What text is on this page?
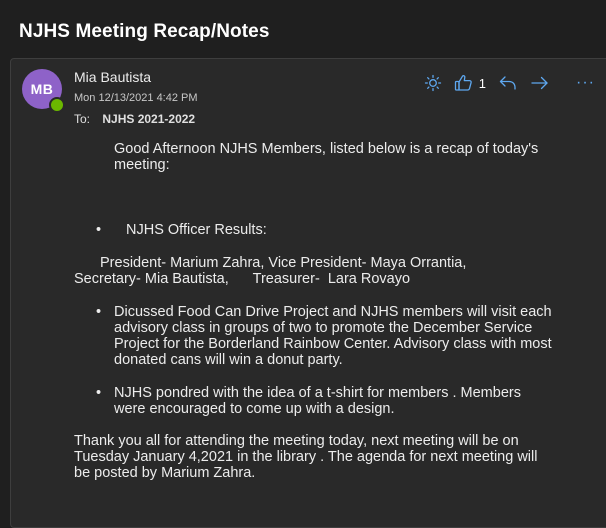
NJHS Meeting Recap/Notes
MB
Mia Bautista
Mon 12/13/2021 4:42 PM
To: NJHS 2021-2022
1	···

Good Afternoon NJHS Members, listed below is a recap of today's meeting:

• NJHS Officer Results:

President- Marium Zahra, Vice President- Maya Orrantia,

Secretary- Mia Bautista,      Treasurer-  Lara Rovayo

• Dicussed Food Can Drive Project and NJHS members will visit each advisory class in groups of two to promote the December Service Project for the Borderland Rainbow Center. Advisory class with most donated cans will win a donut party.
• NJHS pondred with the idea of a t-shirt for members . Members were encouraged to come up with a design.

Thank you all for attending the meeting today, next meeting will be on Tuesday January 4,2021 in the library . The agenda for next meeting will be posted by Marium Zahra.
